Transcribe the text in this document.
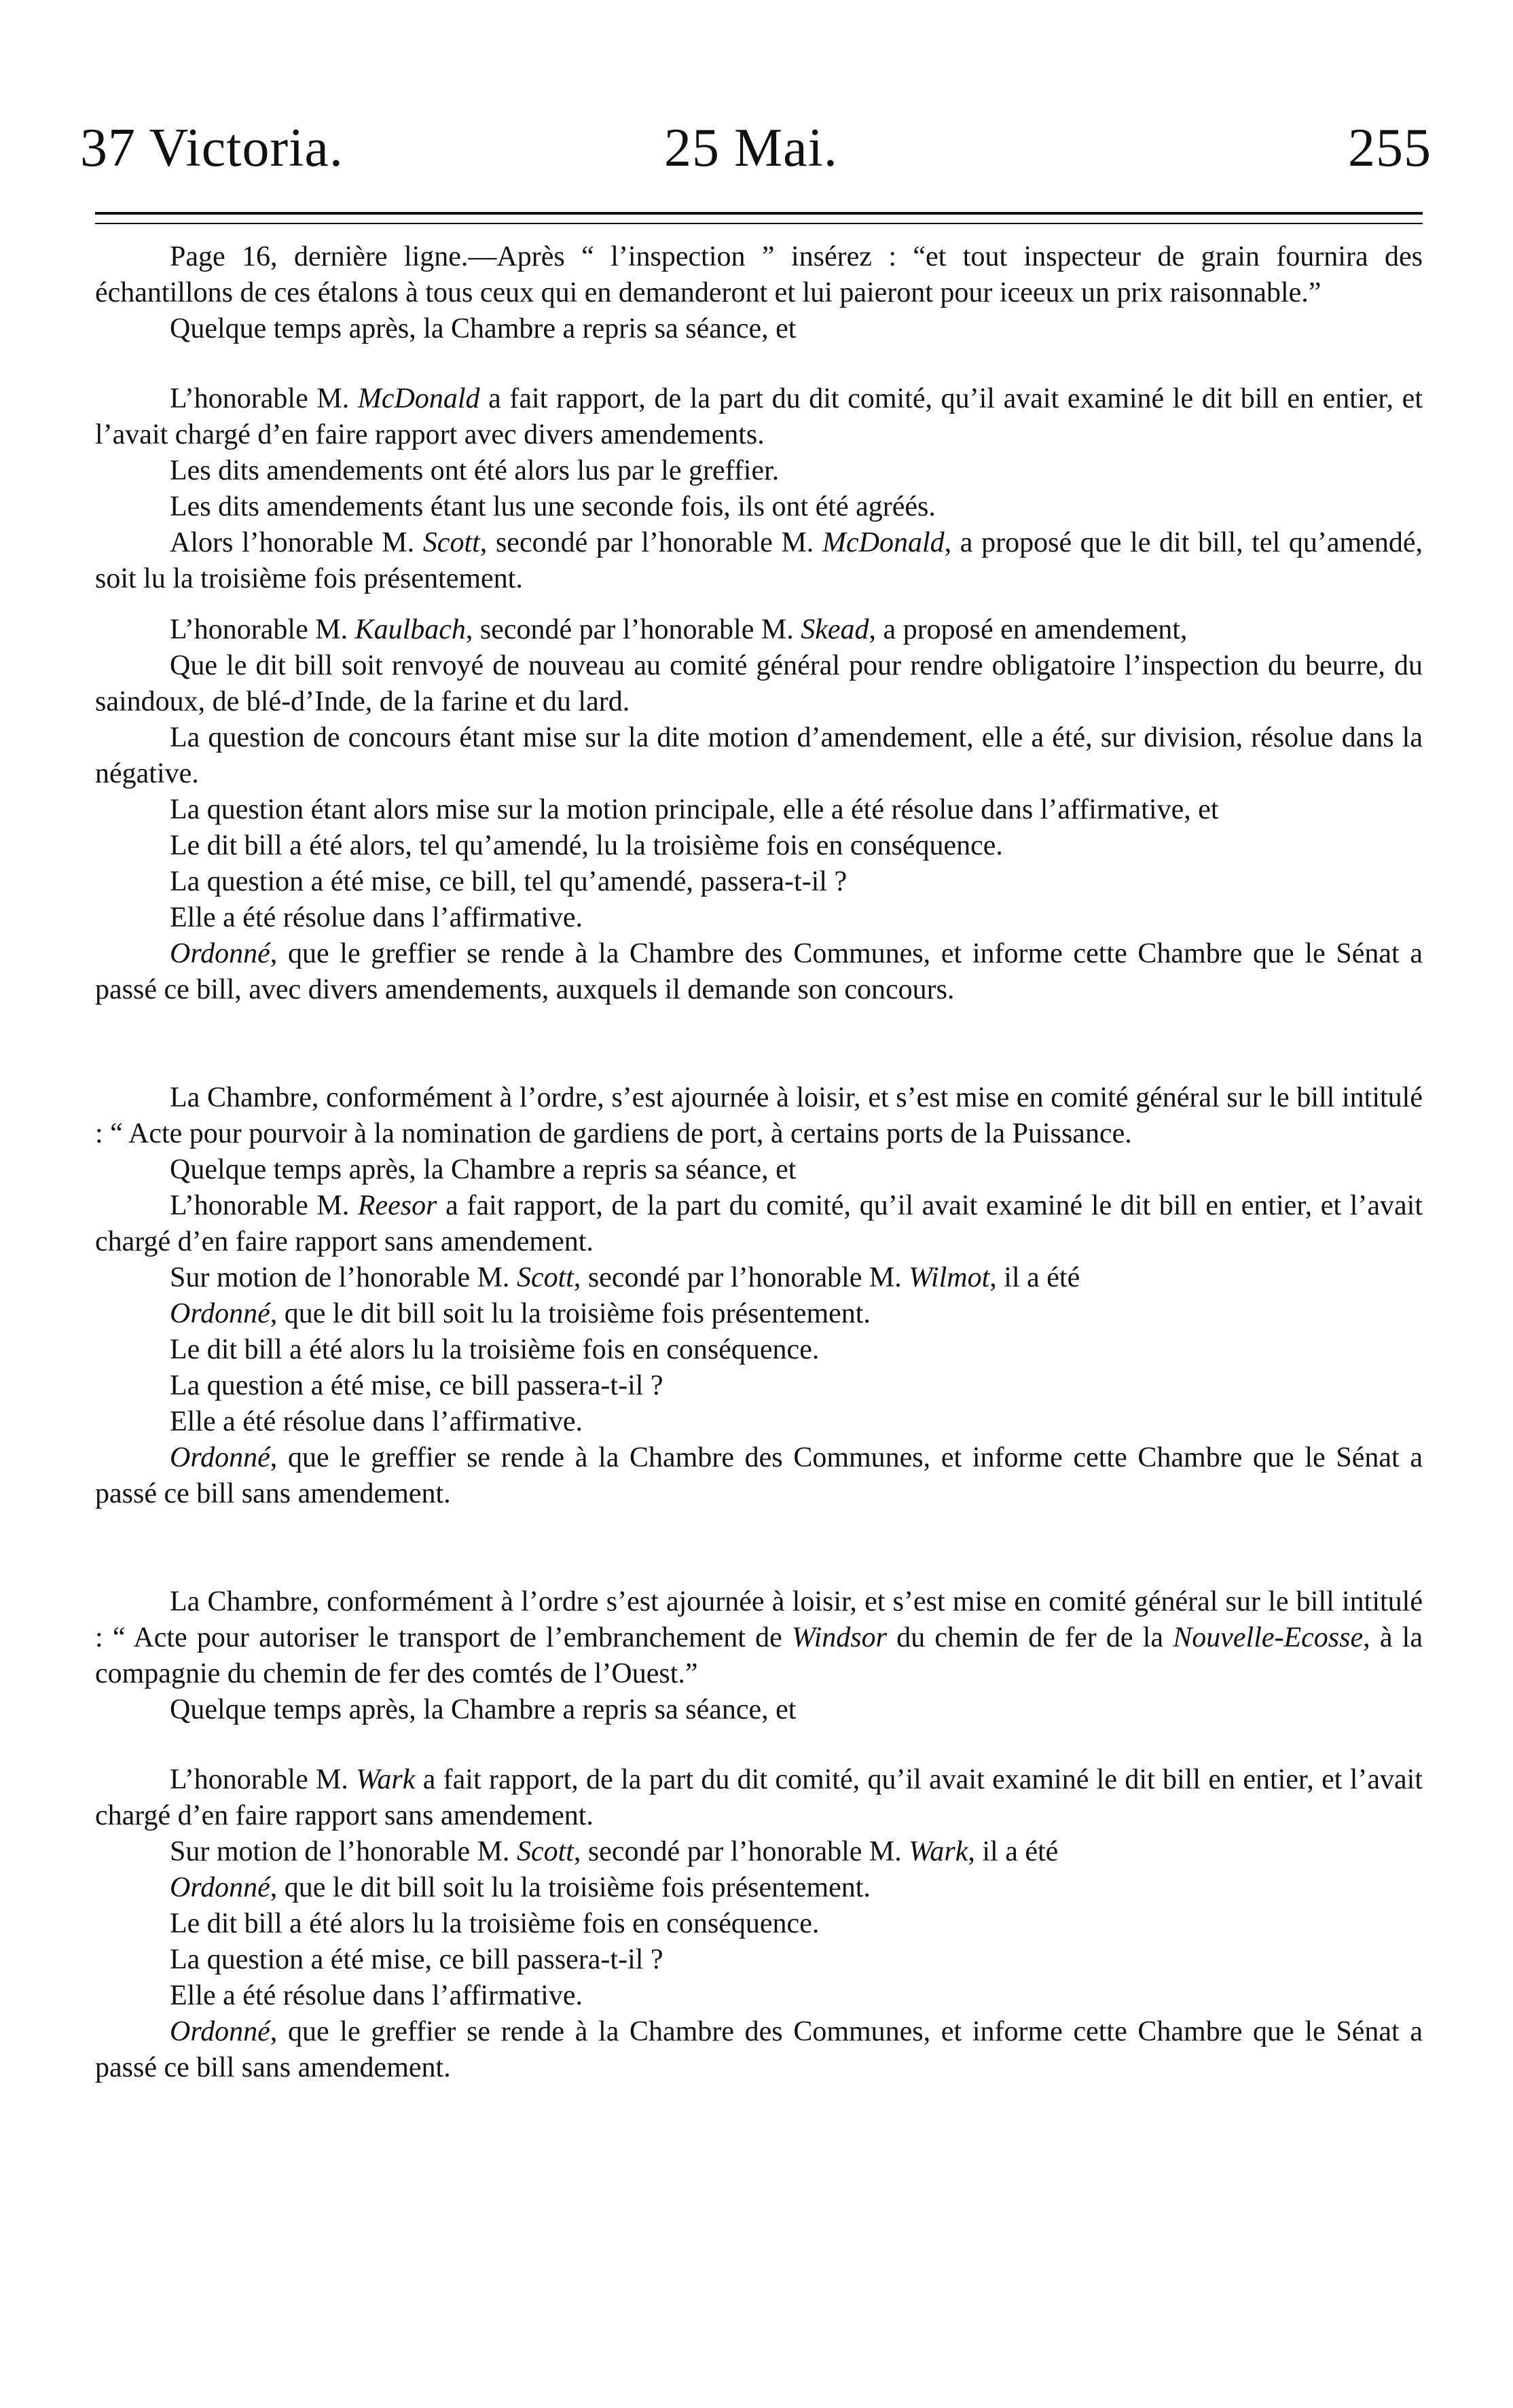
37 Victoria.	25 Mai.	255

Page 16, dernière ligne.—Après “ l’inspection ” insérez : “et tout inspecteur de grain fournira des échantillons de ces étalons à tous ceux qui en demanderont et lui paieront pour iceeux un prix raisonnable.”

Quelque temps après, la Chambre a repris sa séance, et

L’honorable M. McDonald a fait rapport, de la part du dit comité, qu’il avait examiné le dit bill en entier, et l’avait chargé d’en faire rapport avec divers amendements.

Les dits amendements ont été alors lus par le greffier.

Les dits amendements étant lus une seconde fois, ils ont été agréés.

Alors l’honorable M. Scott, secondé par l’honorable M. McDonald, a proposé que le dit bill, tel qu’amendé, soit lu la troisième fois présentement.

L’honorable M. Kaulbach, secondé par l’honorable M. Skead, a proposé en amendement,

Que le dit bill soit renvoyé de nouveau au comité général pour rendre obligatoire l’inspection du beurre, du saindoux, de blé-d’Inde, de la farine et du lard.

La question de concours étant mise sur la dite motion d’amendement, elle a été, sur division, résolue dans la négative.

La question étant alors mise sur la motion principale, elle a été résolue dans l’affirmative, et

Le dit bill a été alors, tel qu’amendé, lu la troisième fois en conséquence.

La question a été mise, ce bill, tel qu’amendé, passera-t-il ?

Elle a été résolue dans l’affirmative.

Ordonné, que le greffier se rende à la Chambre des Communes, et informe cette Chambre que le Sénat a passé ce bill, avec divers amendements, auxquels il demande son concours.

La Chambre, conformément à l’ordre, s’est ajournée à loisir, et s’est mise en comité général sur le bill intitulé : “ Acte pour pourvoir à la nomination de gardiens de port, à certains ports de la Puissance.

Quelque temps après, la Chambre a repris sa séance, et

L’honorable M. Reesor a fait rapport, de la part du comité, qu’il avait examiné le dit bill en entier, et l’avait chargé d’en faire rapport sans amendement.

Sur motion de l’honorable M. Scott, secondé par l’honorable M. Wilmot, il a été

Ordonné, que le dit bill soit lu la troisième fois présentement.

Le dit bill a été alors lu la troisième fois en conséquence.

La question a été mise, ce bill passera-t-il ?

Elle a été résolue dans l’affirmative.

Ordonné, que le greffier se rende à la Chambre des Communes, et informe cette Chambre que le Sénat a passé ce bill sans amendement.

La Chambre, conformément à l’ordre s’est ajournée à loisir, et s’est mise en comité général sur le bill intitulé : “ Acte pour autoriser le transport de l’embranchement de Windsor du chemin de fer de la Nouvelle-Ecosse, à la compagnie du chemin de fer des comtés de l’Ouest.”

Quelque temps après, la Chambre a repris sa séance, et

L’honorable M. Wark a fait rapport, de la part du dit comité, qu’il avait examiné le dit bill en entier, et l’avait chargé d’en faire rapport sans amendement.

Sur motion de l’honorable M. Scott, secondé par l’honorable M. Wark, il a été

Ordonné, que le dit bill soit lu la troisième fois présentement.

Le dit bill a été alors lu la troisième fois en conséquence.

La question a été mise, ce bill passera-t-il ?

Elle a été résolue dans l’affirmative.

Ordonné, que le greffier se rende à la Chambre des Communes, et informe cette Chambre que le Sénat a passé ce bill sans amendement.
